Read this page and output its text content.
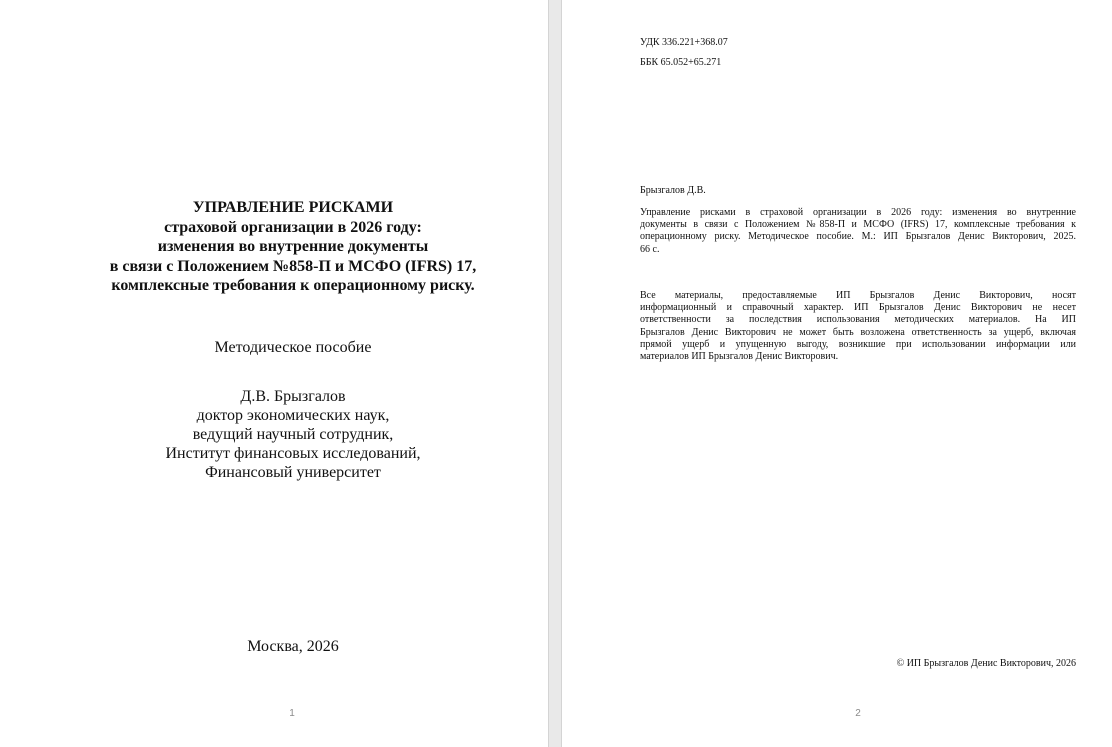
УПРАВЛЕНИЕ РИСКАМИ
страховой организации в 2026 году:
изменения во внутренние документы
в связи с Положением №858-П и МСФО (IFRS) 17,
комплексные требования к операционному риску.
Методическое пособие
Д.В. Брызгалов
доктор экономических наук,
ведущий научный сотрудник,
Институт финансовых исследований,
Финансовый университет
Москва, 2026
1
УДК 336.221+368.07
ББК 65.052+65.271
Брызгалов Д.В.
Управление рисками в страховой организации в 2026 году: изменения во внутренние
документы в связи с Положением №858-П и МСФО (IFRS) 17, комплексные требования к
операционному риску. Методическое пособие. М.: ИП Брызгалов Денис Викторович, 2025.
66 с.
Все материалы, предоставляемые ИП Брызгалов Денис Викторович, носят
информационный и справочный характер. ИП Брызгалов Денис Викторович не несет
ответственности за последствия использования методических материалов. На ИП
Брызгалов Денис Викторович не может быть возложена ответственность за ущерб, включая
прямой ущерб и упущенную выгоду, возникшие при использовании информации или
материалов ИП Брызгалов Денис Викторович.
© ИП Брызгалов Денис Викторович, 2026
2
